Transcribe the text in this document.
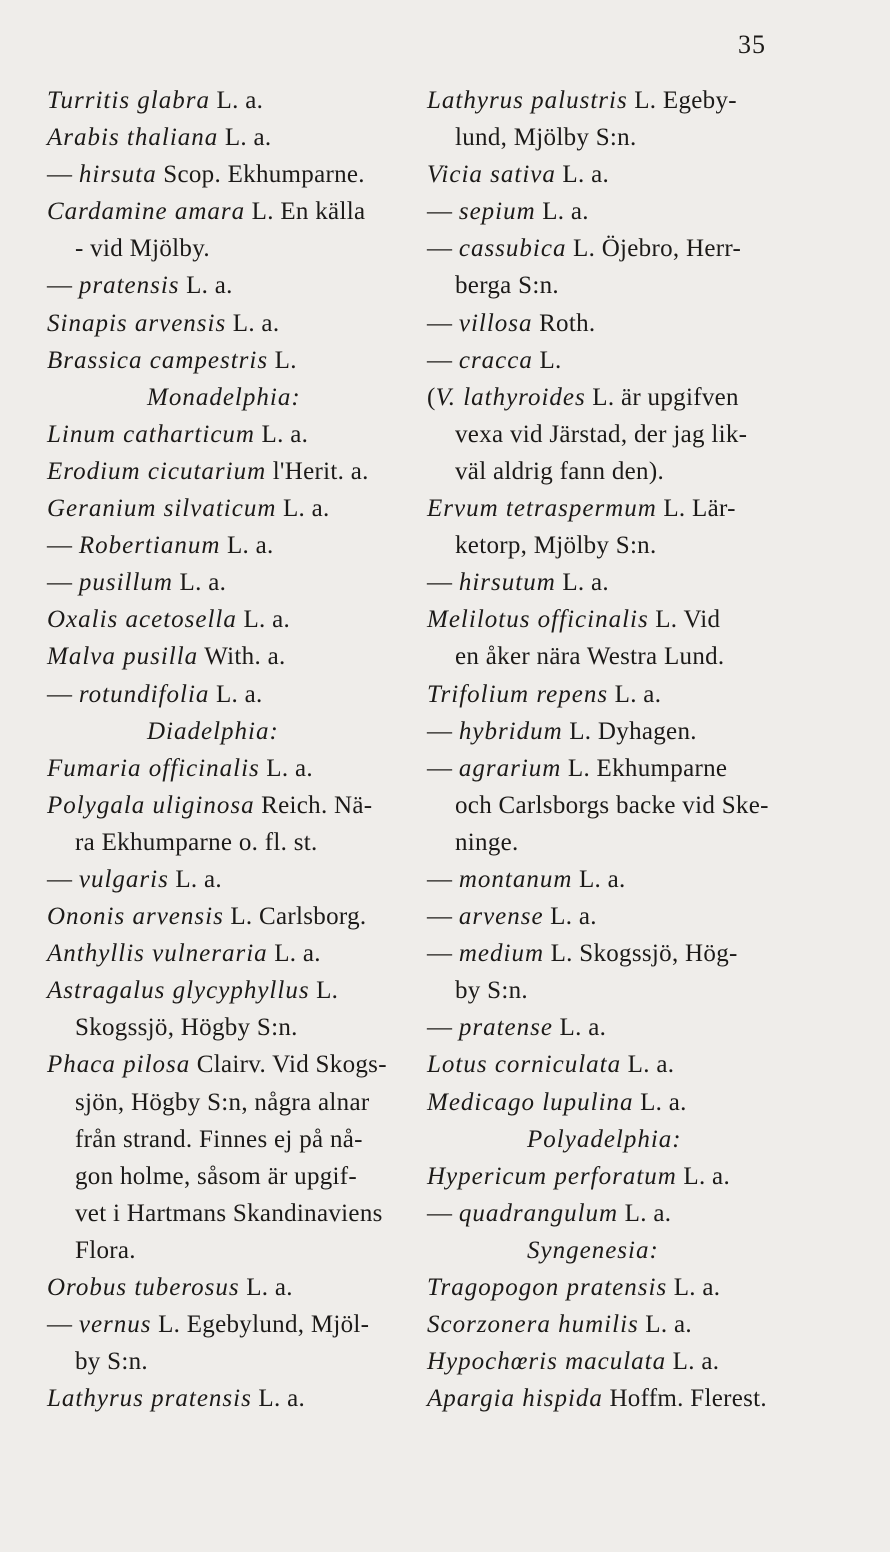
35
Turritis glabra L. a.
Arabis thaliana L. a.
— hirsuta Scop. Ekhumparne.
Cardamine amara L. En källa
- vid Mjölby.
— pratensis L. a.
Sinapis arvensis L. a.
Brassica campestris L.
Monadelphia:
Linum catharticum L. a.
Erodium cicutarium l'Herit. a.
Geranium silvaticum L. a.
— Robertianum L. a.
— pusillum L. a.
Oxalis acetosella L. a.
Malva pusilla With. a.
— rotundifolia L. a.
Diadelphia:
Fumaria officinalis L. a.
Polygala uliginosa Reich. Nä-
ra Ekhumparne o. fl. st.
— vulgaris L. a.
Ononis arvensis L. Carlsborg.
Anthyllis vulneraria L. a.
Astragalus glycyphyllus L.
Skogssjö, Högby S:n.
Phaca pilosa Clairv. Vid Skogs-
sjön, Högby S:n, några alnar
från strand. Finnes ej på nå-
gon holme, såsom är upgif-
vet i Hartmans Skandinaviens
Flora.
Orobus tuberosus L. a.
— vernus L. Egebylund, Mjöl-
by S:n.
Lathyrus pratensis L. a.
Lathyrus palustris L. Egeby-
lund, Mjölby S:n.
Vicia sativa L. a.
— sepium L. a.
— cassubica L. Öjebro, Herr-
berga S:n.
— villosa Roth.
— cracca L.
(V. lathyroides L. är upgifven
vexa vid Järstad, der jag lik-
väl aldrig fann den).
Ervum tetraspermum L. Lär-
ketorp, Mjölby S:n.
— hirsutum L. a.
Melilotus officinalis L. Vid
en åker nära Westra Lund.
Trifolium repens L. a.
— hybridum L. Dyhagen.
— agrarium L. Ekhumparne
och Carlsborgs backe vid Ske-
ninge.
— montanum L. a.
— arvense L. a.
— medium L. Skogssjö, Hög-
by S:n.
— pratense L. a.
Lotus corniculata L. a.
Medicago lupulina L. a.
Polyadelphia:
Hypericum perforatum L. a.
— quadrangulum L. a.
Syngenesia:
Tragopogon pratensis L. a.
Scorzonera humilis L. a.
Hypochœris maculata L. a.
Apargia hispida Hoffm. Flerest.
